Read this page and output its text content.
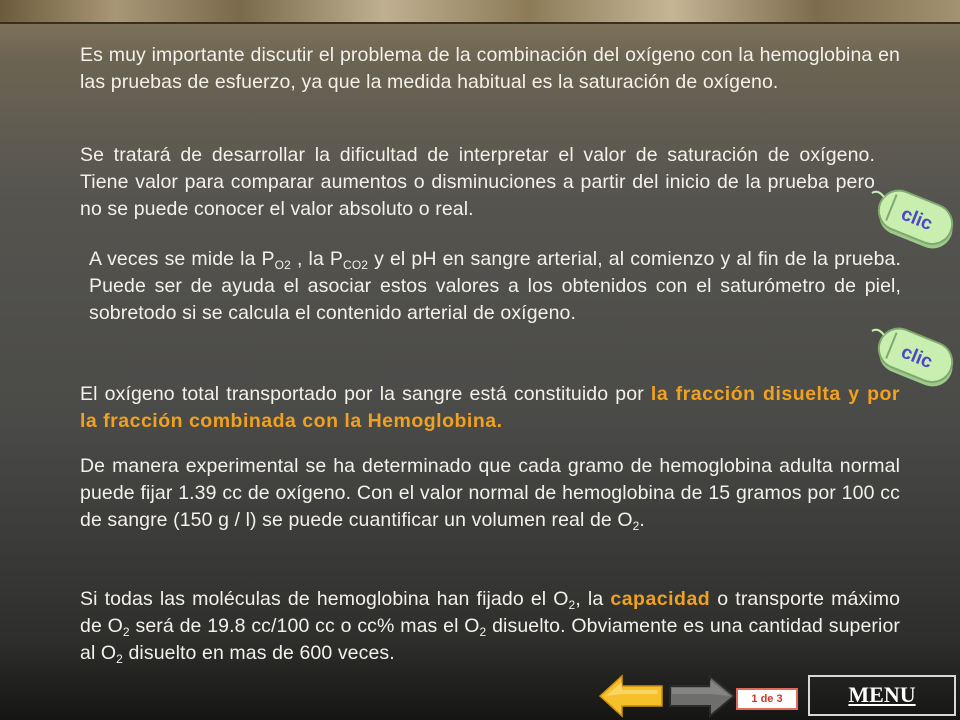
Es muy importante discutir el problema de la combinación del oxígeno con la hemoglobina en las pruebas de esfuerzo, ya que la medida habitual es la saturación de oxígeno.

Se tratará de desarrollar la dificultad de interpretar el valor de saturación de oxígeno. Tiene valor para comparar aumentos o disminuciones a partir del inicio de la prueba pero no se puede conocer el valor absoluto o real.	clic

A veces se mide la $P_{O2}$ , la $P_{CO2}$ y el pH en sangre arterial, al comienzo y al fin de la prueba. Puede ser de ayuda el asociar estos valores a los obtenidos con el saturómetro de piel, sobretodo si se calcula el contenido arterial de oxígeno.

clic

El oxígeno total transportado por la sangre está constituido por la fracción disuelta y por la fracción combinada con la Hemoglobina.

De manera experimental se ha determinado que cada gramo de hemoglobina adulta normal puede fijar 1.39 cc de oxígeno. Con el valor normal de hemoglobina de 15 gramos por 100 cc de sangre (150 g / l) se puede cuantificar un volumen real de $O_2$.

Si todas las moléculas de hemoglobina han fijado el $O_2$, la capacidad o transporte máximo de $O_2$ será de 19.8 cc/100 cc o cc% mas el $O_2$ disuelto. Obviamente es una cantidad superior al $O_2$ disuelto en mas de 600 veces.

1 de 3	MENU
